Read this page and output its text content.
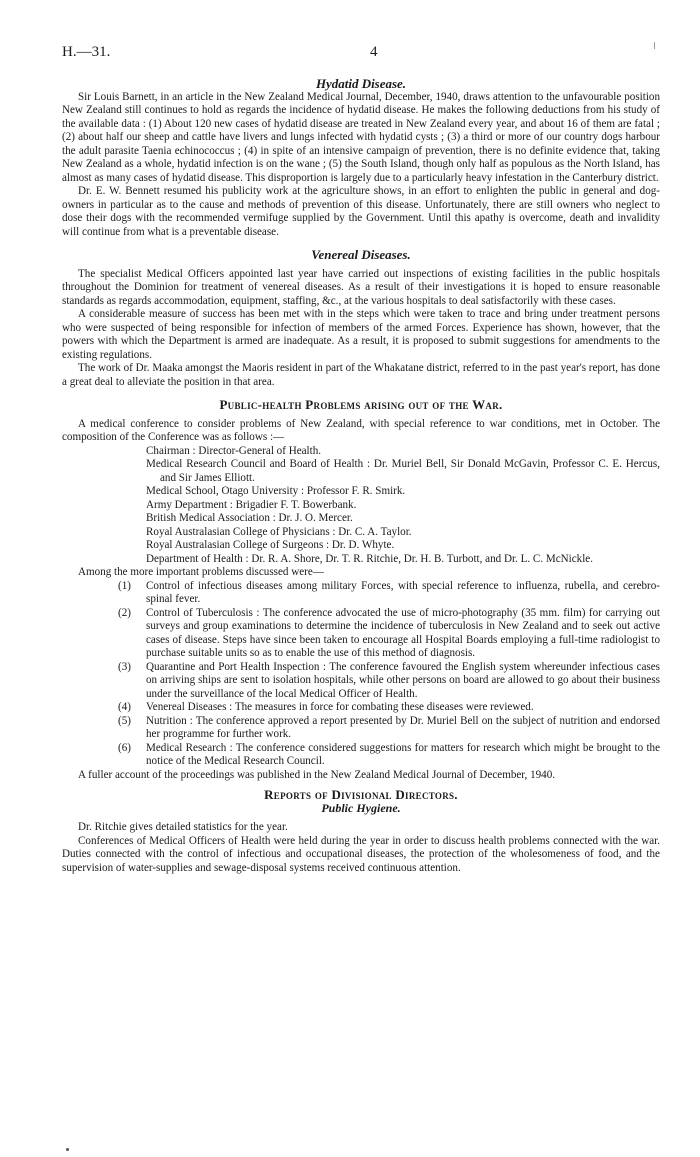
H.—31.	4
Hydatid Disease.

Sir Louis Barnett, in an article in the New Zealand Medical Journal, December, 1940, draws attention to the unfavourable position New Zealand still continues to hold as regards the incidence of hydatid disease. He makes the following deductions from his study of the available data : (1) About 120 new cases of hydatid disease are treated in New Zealand every year, and about 16 of them are fatal ; (2) about half our sheep and cattle have livers and lungs infected with hydatid cysts ; (3) a third or more of our country dogs harbour the adult parasite Taenia echinococcus ; (4) in spite of an intensive campaign of prevention, there is no definite evidence that, taking New Zealand as a whole, hydatid infection is on the wane ; (5) the South Island, though only half as populous as the North Island, has almost as many cases of hydatid disease. This disproportion is largely due to a particularly heavy infestation in the Canterbury district.

Dr. E. W. Bennett resumed his publicity work at the agriculture shows, in an effort to enlighten the public in general and dog-owners in particular as to the cause and methods of prevention of this disease. Unfortunately, there are still owners who neglect to dose their dogs with the recommended vermifuge supplied by the Government. Until this apathy is overcome, death and invalidity will continue from what is a preventable disease.

Venereal Diseases.

The specialist Medical Officers appointed last year have carried out inspections of existing facilities in the public hospitals throughout the Dominion for treatment of venereal diseases. As a result of their investigations it is hoped to ensure reasonable standards as regards accommodation, equipment, staffing, &c., at the various hospitals to deal satisfactorily with these cases.

A considerable measure of success has been met with in the steps which were taken to trace and bring under treatment persons who were suspected of being responsible for infection of members of the armed Forces. Experience has shown, however, that the powers with which the Department is armed are inadequate. As a result, it is proposed to submit suggestions for amendments to the existing regulations.

The work of Dr. Maaka amongst the Maoris resident in part of the Whakatane district, referred to in the past year's report, has done a great deal to alleviate the position in that area.

Public-health Problems arising out of the War.

A medical conference to consider problems of New Zealand, with special reference to war conditions, met in October. The composition of the Conference was as follows :—

Chairman : Director-General of Health.

Medical Research Council and Board of Health : Dr. Muriel Bell, Sir Donald McGavin, Professor C. E. Hercus, and Sir James Elliott.

Medical School, Otago University : Professor F. R. Smirk.

Army Department : Brigadier F. T. Bowerbank.

British Medical Association : Dr. J. O. Mercer.

Royal Australasian College of Physicians : Dr. C. A. Taylor.

Royal Australasian College of Surgeons : Dr. D. Whyte.

Department of Health : Dr. R. A. Shore, Dr. T. R. Ritchie, Dr. H. B. Turbott, and Dr. L. C. McNickle.

Among the more important problems discussed were—

(1) Control of infectious diseases among military Forces, with special reference to influenza, rubella, and cerebro-spinal fever.
(2) Control of Tuberculosis : The conference advocated the use of micro-photography (35 mm. film) for carrying out surveys and group examinations to determine the incidence of tuberculosis in New Zealand and to seek out active cases of disease. Steps have since been taken to encourage all Hospital Boards employing a full-time radiologist to purchase suitable units so as to enable the use of this method of diagnosis.
(3) Quarantine and Port Health Inspection : The conference favoured the English system whereunder infectious cases on arriving ships are sent to isolation hospitals, while other persons on board are allowed to go about their business under the surveillance of the local Medical Officer of Health.
(4) Venereal Diseases : The measures in force for combating these diseases were reviewed.
(5) Nutrition : The conference approved a report presented by Dr. Muriel Bell on the subject of nutrition and endorsed her programme for further work.
(6) Medical Research : The conference considered suggestions for matters for research which might be brought to the notice of the Medical Research Council.

A fuller account of the proceedings was published in the New Zealand Medical Journal of December, 1940.

Reports of Divisional Directors.
Public Hygiene.

Dr. Ritchie gives detailed statistics for the year.

Conferences of Medical Officers of Health were held during the year in order to discuss health problems connected with the war. Duties connected with the control of infectious and occupational diseases, the protection of the wholesomeness of food, and the supervision of water-supplies and sewage-disposal systems received continuous attention.
